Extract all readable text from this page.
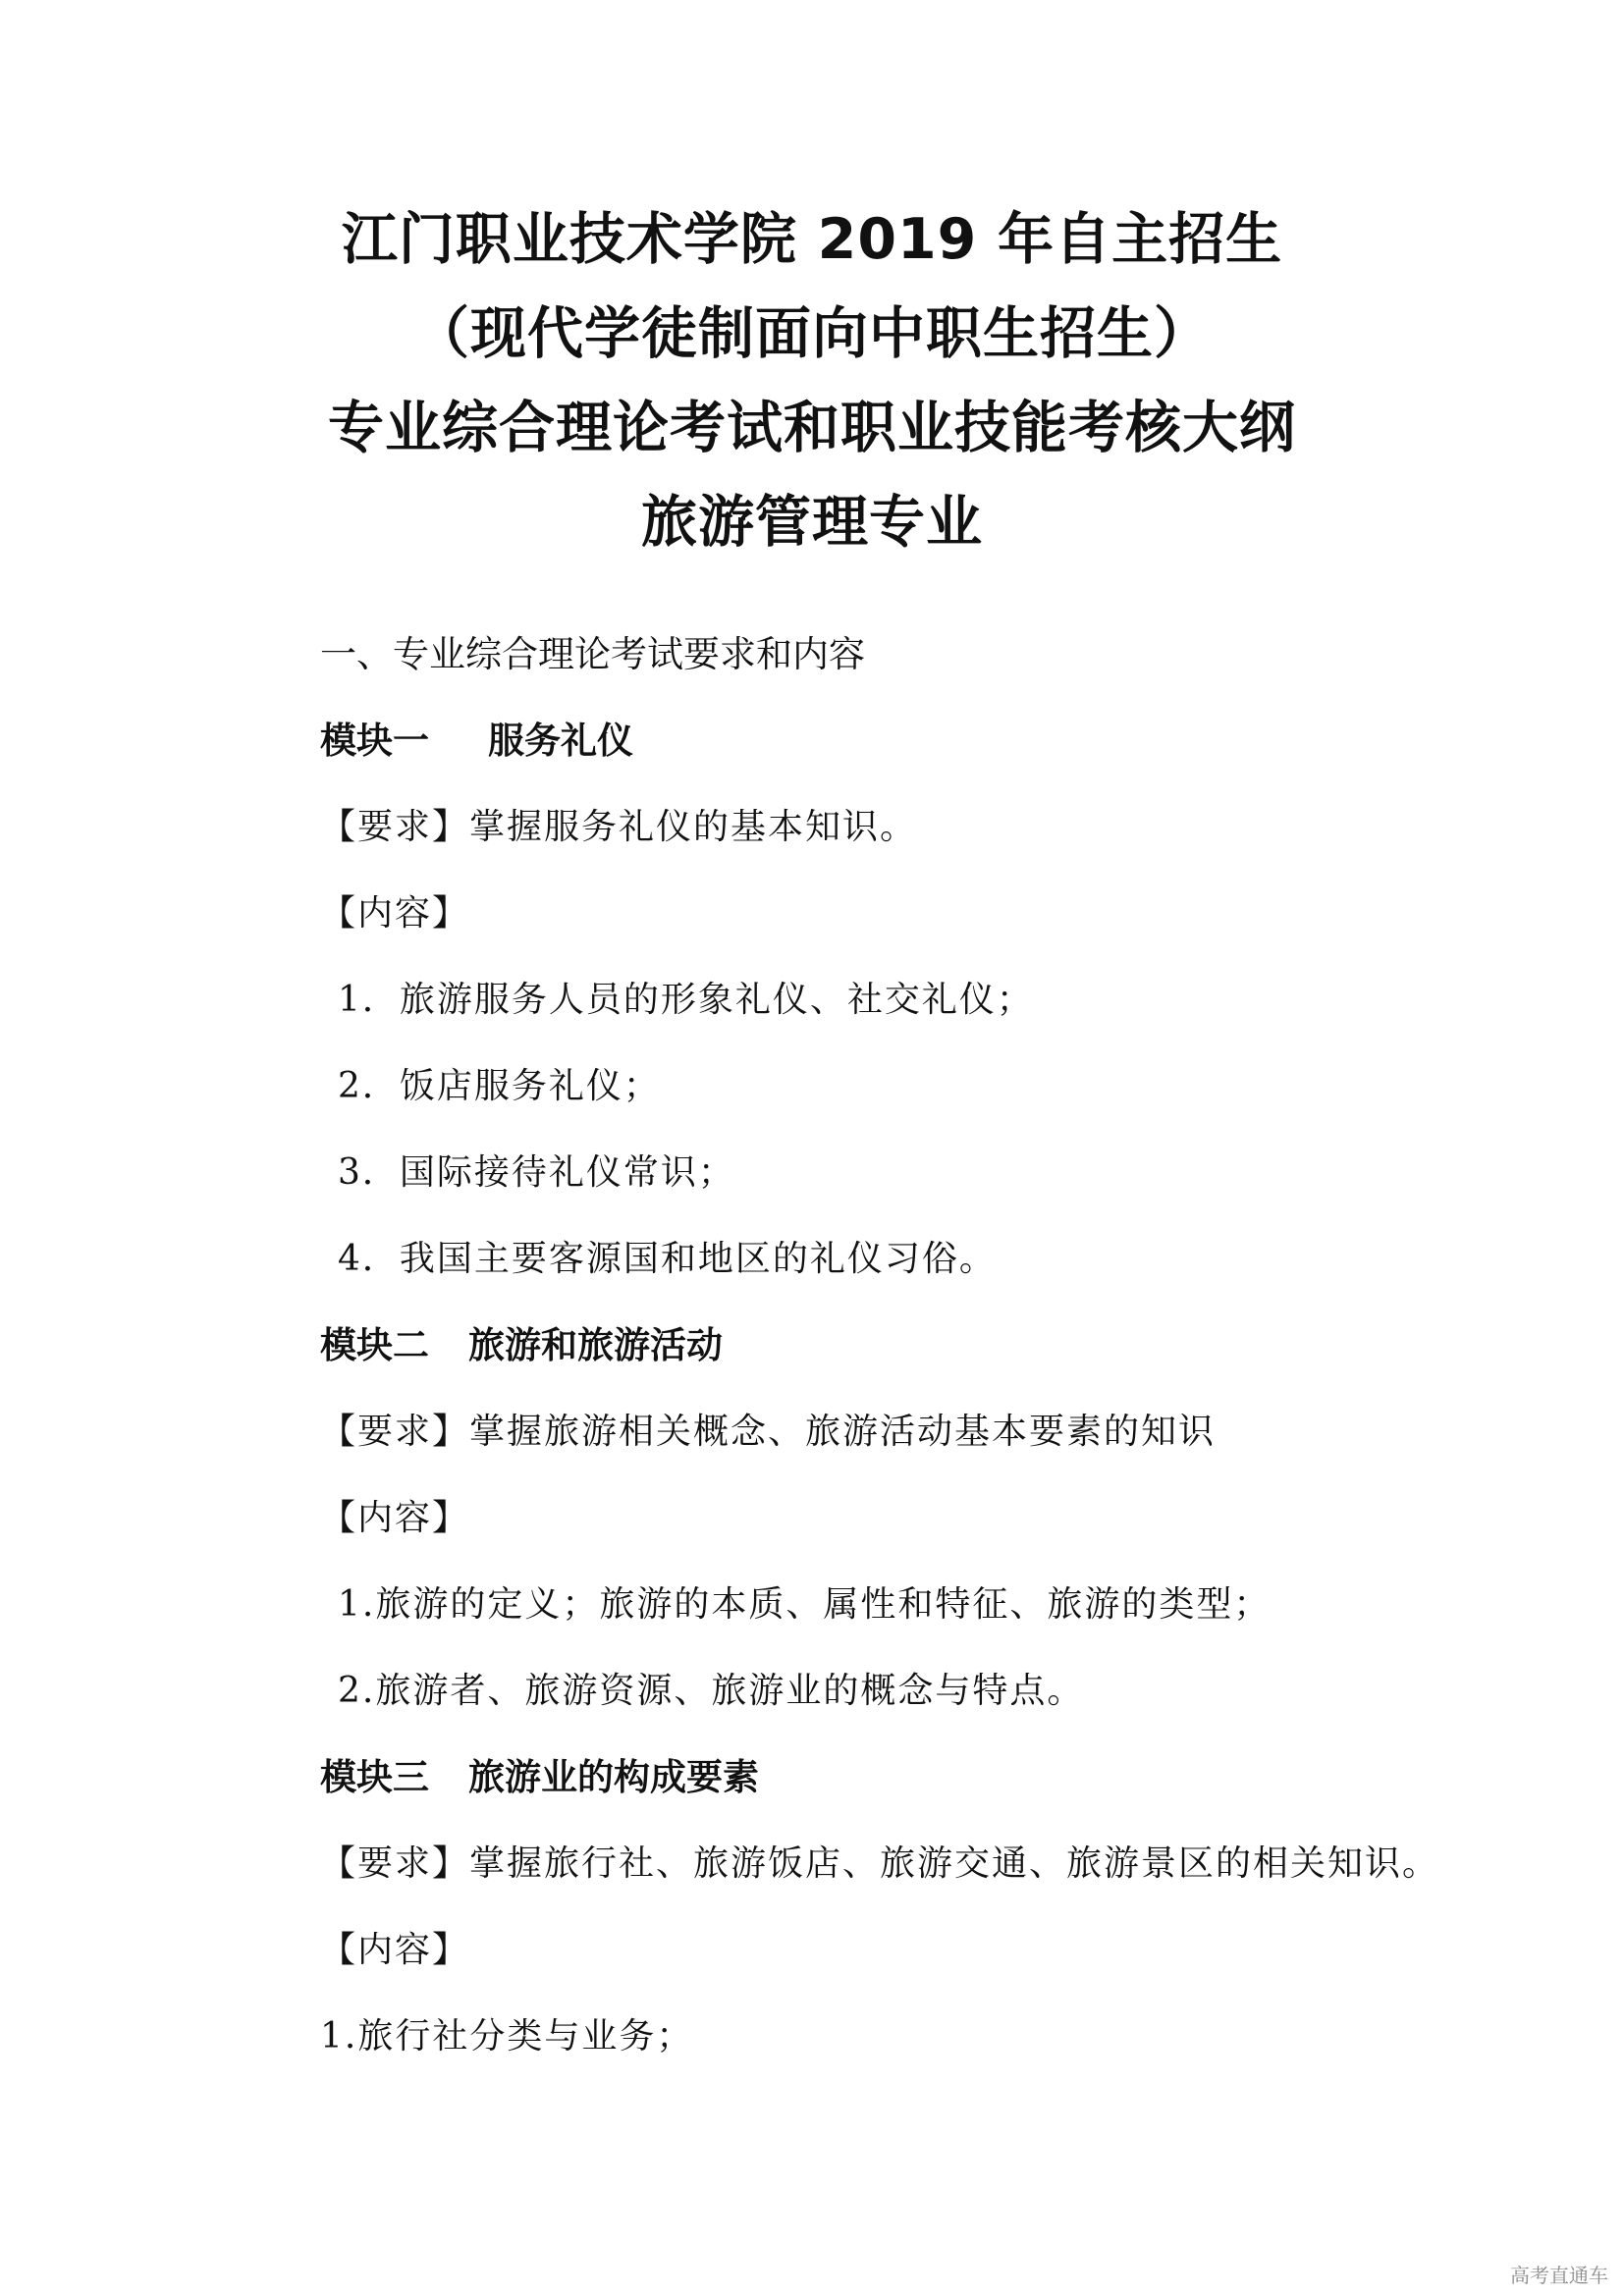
江门职业技术学院 2019 年自主招生
（现代学徒制面向中职生招生）
专业综合理论考试和职业技能考核大纲
旅游管理专业
一、专业综合理论考试要求和内容
模块一 服务礼仪
【要求】掌握服务礼仪的基本知识。
【内容】
1．旅游服务人员的形象礼仪、社交礼仪；
2．饭店服务礼仪；
3．国际接待礼仪常识；
4．我国主要客源国和地区的礼仪习俗。
模块二 旅游和旅游活动
【要求】掌握旅游相关概念、旅游活动基本要素的知识
【内容】
1.旅游的定义；旅游的本质、属性和特征、旅游的类型；
2.旅游者、旅游资源、旅游业的概念与特点。
模块三 旅游业的构成要素
【要求】掌握旅行社、旅游饭店、旅游交通、旅游景区的相关知识。
【内容】
1.旅行社分类与业务；
高考直通车
